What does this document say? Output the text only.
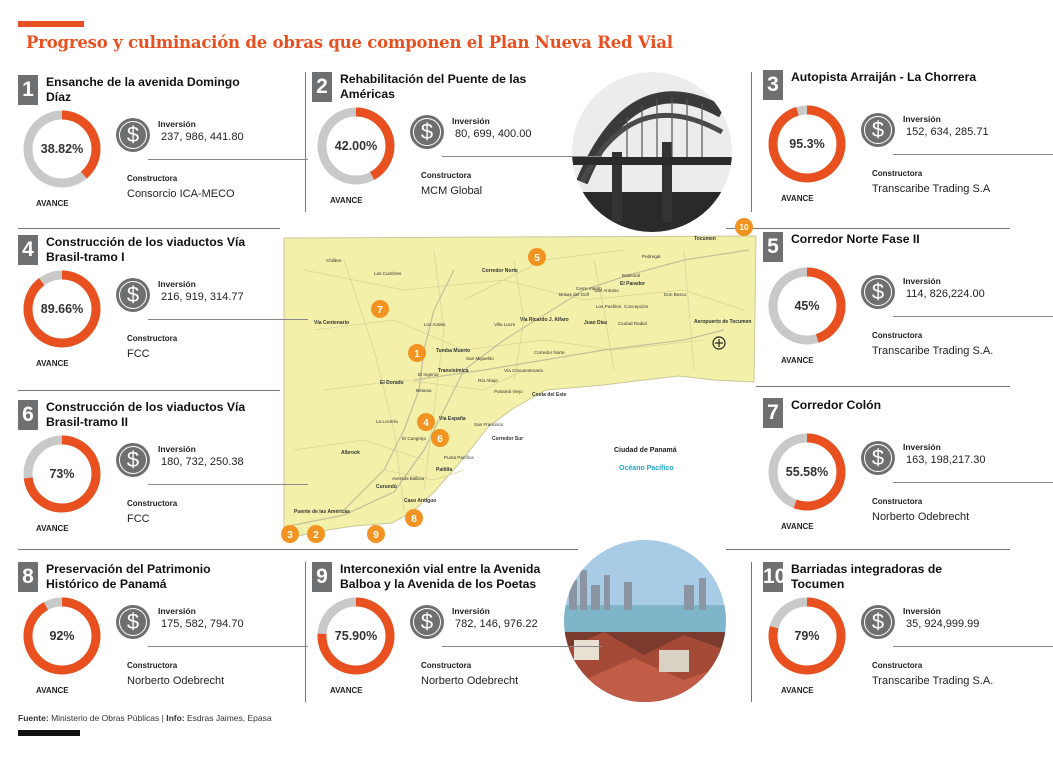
Progreso y culminación de obras que componen el Plan Nueva Red Vial
Chilibre
Las Cumbres	Corredor Norte
Pedregal
Tocumen
Balmoral
El Parador
Brisas del Golf
Cerro Viento
San Antonio
Don Bosco
Los Pueblos Concepción
Ciudad Radial
Vía Centenario	Los Andes	Villa Lucre
Vía Ricardo J. Alfaro	Juan Díaz	Aeropuerto de Tocumen
Tumba Muerto
San Miguelito
Corredor Norte
El Ingenio
Transístmica	Vía Cincuentenario
El Dorado	Río Abajo
Betania	Panamá Viejo
Costa del Este
Vía España
San Francisco
La Locería
Corredor Sur
Albrook
El Cangrejo
Punta Pacífica
Paitilla
Curundú
Avenida Balboa
Caso Antiguo
Puente de las Américas
Ciudad de Panamá
Océano Pacífico
1
2
3
4
5
6
7
8
9
10
1 Ensanche de la avenida Domingo Díaz
38.82%
AVANCE
$	Inversión
237, 986, 441.80
Constructora
Consorcio ICA-MECO
2 Rehabilitación del Puente de las Américas
42.00%
AVANCE
$	Inversión
80, 699, 400.00
Constructora
MCM Global
3 Autopista Arraiján - La Chorrera
95.3%
AVANCE
$	Inversión
152, 634, 285.71
Constructora
Transcaribe Trading S.A
4 Construcción de los viaductos Vía Brasil-tramo I
89.66%
AVANCE
$	Inversión
216, 919, 314.77
Constructora
FCC
5 Corredor Norte Fase II
45%
AVANCE
$	Inversión
114, 826,224.00
Constructora
Transcaribe Trading S.A.
6 Construcción de los viaductos Vía Brasil-tramo II
73%
AVANCE
$	Inversión
180, 732, 250.38
Constructora
FCC
7 Corredor Colón
55.58%
AVANCE
$	Inversión
163, 198,217.30
Constructora
Norberto Odebrecht
8 Preservación del Patrimonio Histórico de Panamá
92%
AVANCE
$	Inversión
175, 582, 794.70
Constructora
Norberto Odebrecht
9 Interconexión vial entre la Avenida Balboa y la Avenida de los Poetas
75.90%
AVANCE
$	Inversión
782, 146, 976.22
Constructora
Norberto Odebrecht
10 Barriadas integradoras de Tocumen
79%
AVANCE
$	Inversión
35, 924,999.99
Constructora
Transcaribe Trading S.A.
Fuente: Ministerio de Obras Públicas | Info: Esdras Jaimes, Epasa
